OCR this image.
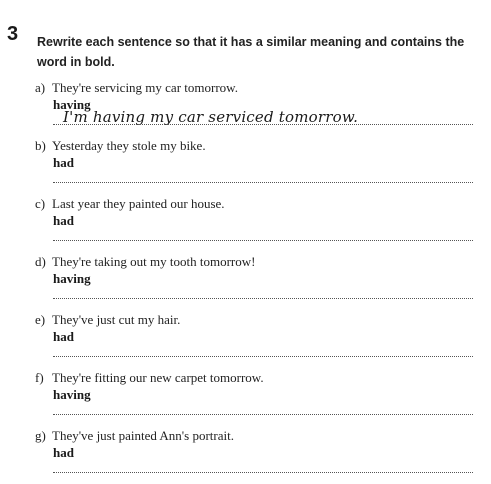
3 Rewrite each sentence so that it has a similar meaning and contains the word in bold.
a) They're servicing my car tomorrow.
having
I'm having my car serviced tomorrow.
b) Yesterday they stole my bike.
had
c) Last year they painted our house.
had
d) They're taking out my tooth tomorrow!
having
e) They've just cut my hair.
had
f) They're fitting our new carpet tomorrow.
having
g) They've just painted Ann's portrait.
had
